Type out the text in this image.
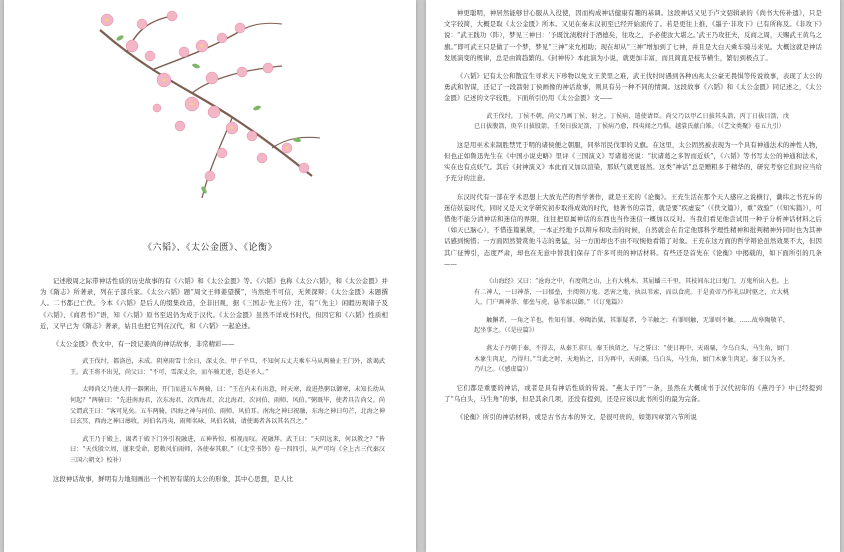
《六韬》、《太公金匮》、《论衡》

记述殷周之际带神话性质的历史故事的有《六韬》和《太公金匮》等。《六韬》也称《太公六韬》，和《太公金匮》并为《隋志》所著录，列在子部兵家。《太公六韬》题“周文王师姜望撰”，当然绝不可信，无须深辩；《太公金匮》未题撰人。二书都已亡佚。今本《六韬》是后人的缀集改造，全非旧观，据《三国志·先主传》注，有“（先主）闲暇历观诸子及《六韬》、《商君书》”语，知《六韬》原书至迟仍为成于汉代。《太公金匮》虽然不详成书时代，但因它和《六韬》性质相近，又早已为《隋志》著录，姑且也把它列在汉代，和《六韬》一起论述。

《太公金匮》佚文中，有一段记姜尚的神话故事，非常精彩——

武王伐纣，都洛邑，未成。阴寒雨雪十余日，深丈余。甲子平旦，不知何五丈夫乘车马从两骑止王门外，欲谒武王。武王将不出见，尚父曰：“不可，雪深丈余，而车骑无迹，恐是圣人。”

太师尚父乃使人持一器粥出，开门而进五车两骑，曰：“王在内未有出意，时天寒，故进热粥以御寒，未知长幼从何起？”两骑曰：“先进南海君，次东海君，次西海君，次北海君，次河伯、雨师、风伯。”粥既毕，使者具告尚父。尚父谓武王曰：“客可见矣。五车两骑，四海之神与河伯、雨师、风伯耳。南海之神曰祝融，东海之神曰句芒，北海之神曰玄冥，西海之神曰蓐收，河伯名冯夷，雨师名咏，风伯名姨，请使谒者各以其名召之。”

武王乃于殿上，谒者于殿下门外引祝融进，五神皆惊，相视而叹。祝融拜。武王曰：“天阴远来，何以教之？”皆曰：“天伐殷立周，谨来受命，愿敕风伯雨师，各使奉其职。”（《北堂书钞》卷一四四引，从严可均《全上古三代秦汉三国六朝文》校补）

这段神话故事，鲜明有力地刻画出一个机智有谋的太公的形象，其中心思想，是人比

神更聪明，神居然能够甘心服从入役使，因而构成神话健康有趣的基调。这段神话又见于卢文弨辑录的《尚书大传补遗》，只是文字较简，大概是取《太公金匮》所本。又见在秦末汉初至已经开始流传了。若是更往上推，《墨子·非攻下》已有所称及。《非攻下》说：“武王践功（阼），梦见三神曰：‘予既沈渍殷纣于酒德矣，往攻之，予必使汝大堪之。’武王乃攻狂夫，反商之周，天赐武王黄鸟之旗。”即可武王只是做了一个梦，梦见“三神”来允相助；现在却从“三神”增加到了七神，并且是大白天乘车骑马来见。大概这就是神话发展演变的规律，总是由简趋繁的。《封神传》本此演为小说，就更加丰富，而且简直是枝节横生，繁衍到极点了。

《六韬》记有太公和散宜生寻求天下珍物以免文王羑里之难，武王伐纣时遇到各种凶兆太公豪无畏惧等传说故事，表现了太公的勇武和智谋，还记了一段箭射丁侯画像的神话故事，则具有另一种不同的情调。这段故事《六韬》和《太公金匮》同记述之，《太公金匮》记述的文字较胜，下面所引仍用《太公金匮》文——

武王伐纣，丁侯不朝，尚父乃画丁侯，射之。丁侯病，遣使请臣。尚父乃以甲乙日拔其头箭，丙丁日拔目箭，戊已日拔腹箭，庚辛日拔股箭，壬癸日拔足箭，丁侯病乃愈，四夷闻之乃惧，越裳氏献白雉。（《艺文类聚》卷五九引）

这是用巫术来制胜禁咒于明的诸侯便之朝服，同举吊民伐罪的义旗。在这里，太公固然被表现为一个具有神通法术的神性人物，但也正如鲁迅先生在《中国小说史略》里评《三国演义》写诸葛亮说：“状诸葛之多智而近妖”，《六韬》等书写太公的神通和法术，实在也有点妖气。其后《封神演义》本此而又加以渲染，那妖气就更显然。这类“神话”总是赠粗多于精华的，研究考察它们时应当给予充分的注意。

东汉时代有一部在学术思想上大放光芒的哲学著作，就是王充的《论衡》。王充生活在那个天人感应之说横行，谶纬之书充斥的迷信妖妄时代，同时又是天文学研究初步取得成效的时代，他著书的宗旨，就是要“疾虚妄”（《佚文篇》），重“效验”（《知实篇》），可惜他不能分清神话和迷信的界限，往往把原属神话的东西也当作迷信一概加以反对。当我们看见他尝试用一种子分析神话材料之后（如天已脑心），不惜连篇累牍，一本正经地予以辩斥和攻击的时候，自然就会在肯定他那科学理性精神和批判精神外同时也为其神话感到惋惜；一方面固然赞赏他斗志的勇猛，另一方面却也不由不叹惋他看错了对象。王充在这方面的哲学辩论虽然效果不大，但因其广征博引，态度严肃，却也在无意中替我们保存了许多可贵的神话材料。有些还是首先在《论衡》中揭载的，如下面所引的几条——

《山海经》又曰：“沧海之中，有度朔之山，上有大桃木，其屈蟠三千里，其枝间东北曰鬼门，万鬼所出入也。上有二神人，一曰神荼，一曰郁垒，主阅领万鬼。恶害之鬼，执以苇索，而以食虎。于是黄帝乃作礼以时驱之，立大桃人，门户画神荼、郁垒与虎，悬苇索以御。”（《订鬼篇》）

触獬者，一角之羊也，性知有罪。皋陶治狱，其罪疑者，令羊触之；有罪则触，无罪则不触。……故皋陶敬羊，起坐事之。（《是应篇》）

燕太子丹朝于秦，不得去，从秦王求归。秦王执留之，与之誓曰：“使日再中，天雨粟，令乌白头，马生角，厨门木象生肉足，乃得归。”当此之时，天地佑之，日为再中，天雨粟，乌白头，马生角，厨门木象生肉足。秦王以为圣，乃归之。（《感虚篇》）

它们都是重要的神话，或者是具有神话性质的传说。“燕太子丹”一条，虽然在大概成书于汉代初年的《燕丹子》中已经提到了“乌白头，马生角”的事，但是其余几项，还没有提到，还是应该以此书所引的最为完备。

《论衡》所引的神话材料，或是古书古本的异文，是很可贵的，如第四章第六节所说
